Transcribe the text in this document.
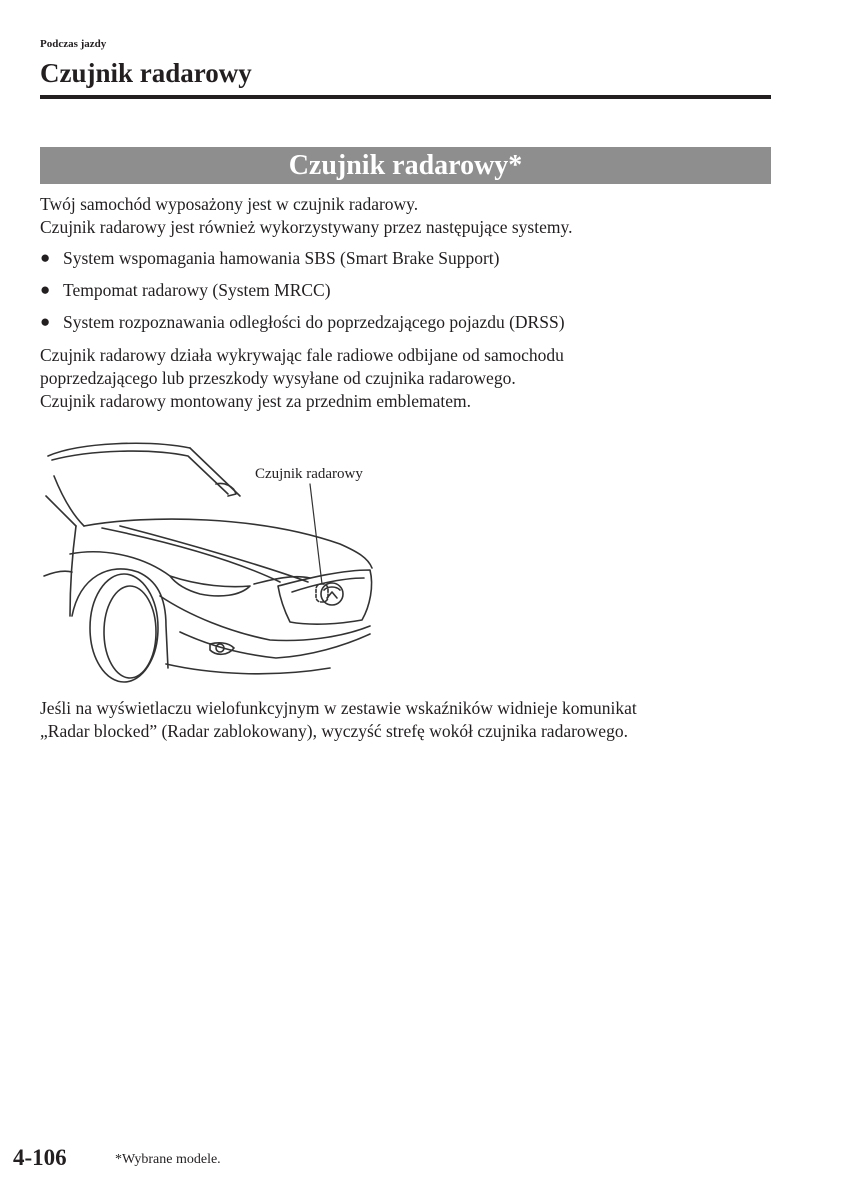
Podczas jazdy
Czujnik radarowy
Czujnik radarowy*
Twój samochód wyposażony jest w czujnik radarowy.
Czujnik radarowy jest również wykorzystywany przez następujące systemy.
● System wspomagania hamowania SBS (Smart Brake Support)
● Tempomat radarowy (System MRCC)
● System rozpoznawania odległości do poprzedzającego pojazdu (DRSS)
Czujnik radarowy działa wykrywając fale radiowe odbijane od samochodu
poprzedzającego lub przeszkody wysyłane od czujnika radarowego.
Czujnik radarowy montowany jest za przednim emblematem.
Czujnik radarowy
Jeśli na wyświetlaczu wielofunkcyjnym w zestawie wskaźników widnieje komunikat
„Radar blocked” (Radar zablokowany), wyczyść strefę wokół czujnika radarowego.
4-106	*Wybrane modele.
